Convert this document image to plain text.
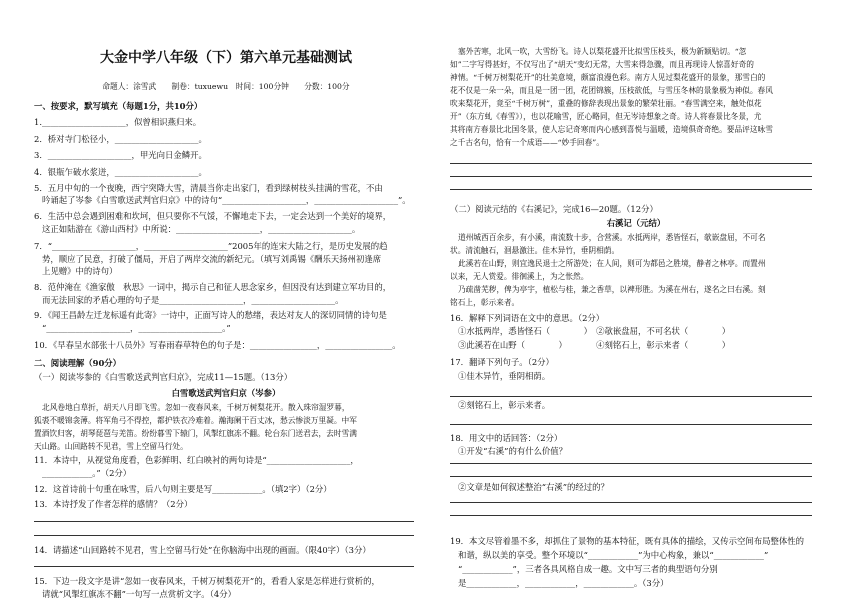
大金中学八年级（下）第六单元基础测试
命题人：涂雪武　　制卷：tuxuewu　时间：100分钟　　分数：100分
一、按要求，默写填充（每题1分，共10分）
1.____________________，似曾相识燕归来。
2．桥对寺门松径小，____________________。
3．____________________，甲光向日金鳞开。
4．银瓶乍破水浆迸，____________________。
5．五月中旬的一个夜晚，西宁突降大雪，清晨当你走出家门，看到绿树枝头挂满的雪花，不由
吟诵起了岑参《白雪歌送武判官归京》中的诗句“____________________，____________________”。
6．生活中总会遇到困难和坎坷，但只要你不气馁，不懈地走下去，一定会达到一个美好的境界，
这正如陆游在《游山西村》中所说：____________________，____________________。
7．“____________________，____________________”2005年的连宋大陆之行，是历史发展的趋
势，顺应了民意，打破了僵局，开启了两岸交流的新纪元。（填写刘禹锡《酬乐天扬州初逢席
上见赠》中的诗句）
8．范仲淹在《渔家傲　秋思》一词中，揭示自己和征人思念家乡，但因没有达到建立军功目的，
而无法回家的矛盾心理的句子是____________________，____________________。
9．《闻王昌龄左迁龙标遥有此寄》一诗中，正面写诗人的愁绪，表达对友人的深切同情的诗句是
“____________________，____________________。”
10．《早春呈水部张十八员外》写春雨春草特色的句子是：________________，________________。
二、阅读理解（90分）
（一）阅读岑参的《白雪歌送武判官归京》，完成11—15题。（13分）
白雪歌送武判官归京（岑参）
北风卷地白草折，胡天八月即飞雪。忽如一夜春风来，千树万树梨花开。散入珠帘湿罗幕，
狐裘不暖锦衾薄。将军角弓不得控，都护铁衣冷难着。瀚海阑干百丈冰，愁云惨淡万里凝。中军
置酒饮归客，胡琴琵琶与羌笛。纷纷暮雪下辕门，风掣红旗冻不翻。轮台东门送君去，去时雪满
天山路。山回路转不见君，雪上空留马行处。
11．本诗中，从视觉角度看，色彩鲜明、红白映衬的两句诗是“____________________，
____________。”（2分）
12．这首诗前十句重在咏雪，后八句则主要是写____________。（填2字）（2分）
13．本诗抒发了作者怎样的感情？（2分）
14．请描述“山回路转不见君，雪上空留马行处”在你脑海中出现的画面。（限40字）（3分）
15．下边一段文字是讲“忽如一夜春风来，千树万树梨花开”的，看看人家是怎样进行赏析的，
请就“风掣红旗冻不翻”一句写一点赏析文字。（4分）
塞外苦寒，北风一吹，大雪纷飞。诗人以梨花盛开比拟雪压枝头，极为新颖贴切。“忽
如”二字写得甚好，不仅写出了“胡天”变幻无常，大雪来得急骤，而且再现诗人惊喜好奇的
神情。“千树万树梨花开”的壮美意境，颇富浪漫色彩。南方人见过梨花盛开的景象，那雪白的
花不仅是一朵一朵，而且是一团一团，花团锦簇，压枝欲低，与雪压冬林的景象极为神似。春风
吹来梨花开，竟至“千树万树”，重叠的修辞表现出景象的繁荣壮丽。“春雪满空来，触处似花
开”（东方虬《春雪》），也以花喻雪，匠心略同，但无岑诗想象之奇。诗人将春景比冬景，尤
其将南方春景比北国冬景，使人忘记奇寒而内心感到喜悦与温暖，造境俱奇奇绝。要品评这咏雪
之千古名句，恰有一个成语——“妙手回春”。
（二）阅读元结的《右溪记》，完成16—20题。（12分）
右溪记（元结）
道州城西百余步，有小溪，南流数十步，合营溪。水抵两岸，悉皆怪石，欹嵌盘屈，不可名
状。清流触石，洄悬激注。佳木异竹，垂阴相荫。
此溪若在山野，则宜逸民退士之所游处；在人间，则可为都邑之胜境，静者之林亭。而置州
以来，无人赏爱。徘徊溪上，为之怅然。
乃疏凿芜秽，俾为亭宇，植松与桂，兼之香草，以裨形胜。为溪在州右，遂名之曰右溪。刻
铭石上，彰示来者。
16．解释下列词语在文中的意思。（2分）
①水抵两岸，悉皆怪石（　　　　）　②欹嵌盘屈，不可名状（　　　　）
③此溪若在山野（　　　　）　　　　④刻铭石上，彰示来者（　　　　）
17．翻译下列句子。（2分）
①佳木异竹，垂阴相荫。
②刻铭石上，彰示来者。
18．用文中的话回答：（2分）
①开发“右溪”的有什么价值？
②文章是如何叙述整治“右溪”的经过的？
19．本文尽管着墨不多，却抓住了景物的基本特征，既有具体的描绘，又传示空间布局整体性的
和谐，纵以美的享受。整个环境以“____________”为中心构象，兼以“____________”
“____________”，三者各具风格自成一趣。文中写三者的典型语句分别
是____________，____________，____________。（3分）
